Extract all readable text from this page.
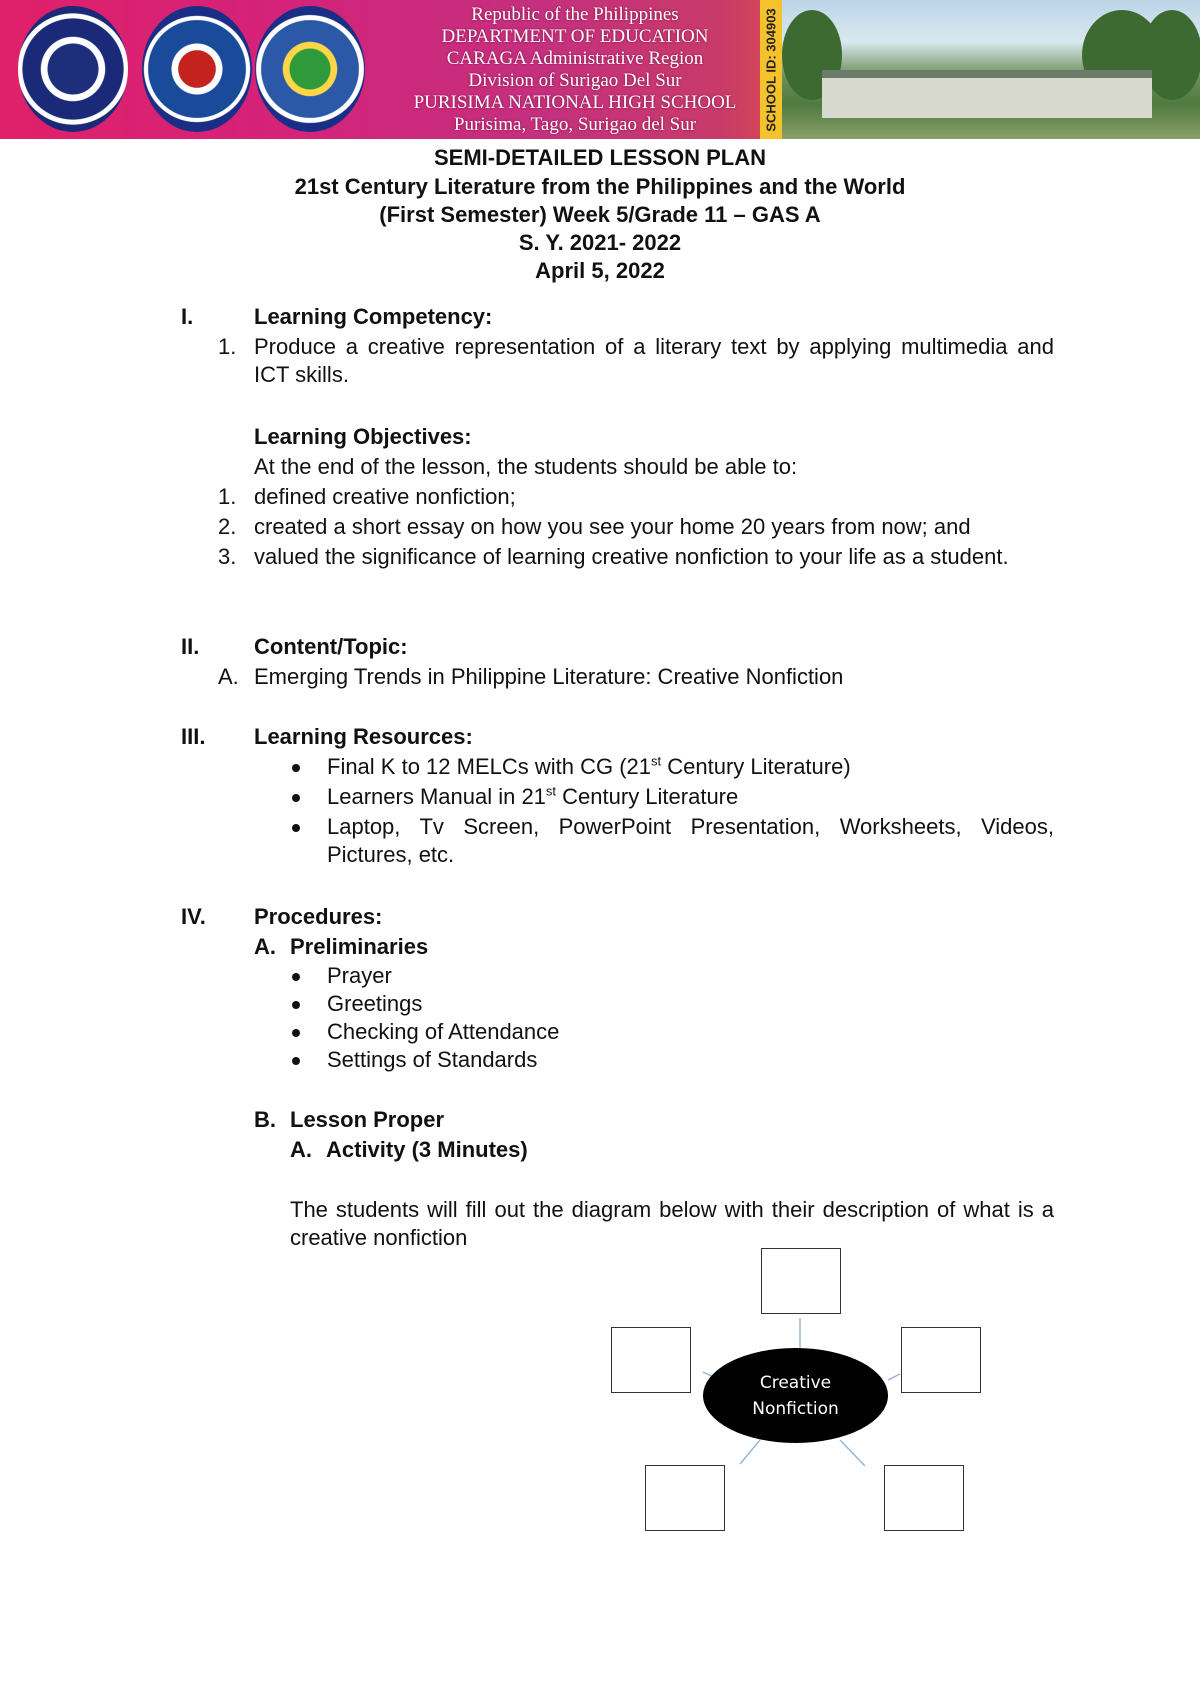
Republic of the Philippines
DEPARTMENT OF EDUCATION
CARAGA Administrative Region
Division of Surigao Del Sur
PURISIMA NATIONAL HIGH SCHOOL
Purisima, Tago, Surigao del Sur	SCHOOL ID: 304903
SEMI-DETAILED LESSON PLAN
21st Century Literature from the Philippines and the World
(First Semester) Week 5/Grade 11 – GAS A
S. Y. 2021- 2022
April 5, 2022
I.	Learning Competency:
1. Produce a creative representation of a literary text by applying multimedia and ICT skills.
Learning Objectives:
At the end of the lesson, the students should be able to:
1. defined creative nonfiction;
2. created a short essay on how you see your home 20 years from now; and
3. valued the significance of learning creative nonfiction to your life as a student.
II. Content/Topic:
A. Emerging Trends in Philippine Literature: Creative Nonfiction
III. Learning Resources:
Final K to 12 MELCs with CG (21st Century Literature)
Learners Manual in 21st Century Literature
Laptop, Tv Screen, PowerPoint Presentation, Worksheets, Videos, Pictures, etc.
IV. Procedures:
A. Preliminaries
Prayer
Greetings
Checking of Attendance
Settings of Standards
B. Lesson Proper
A. Activity (3 Minutes)
The students will fill out the diagram below with their description of what is a creative nonfiction
Creative
Nonfiction
